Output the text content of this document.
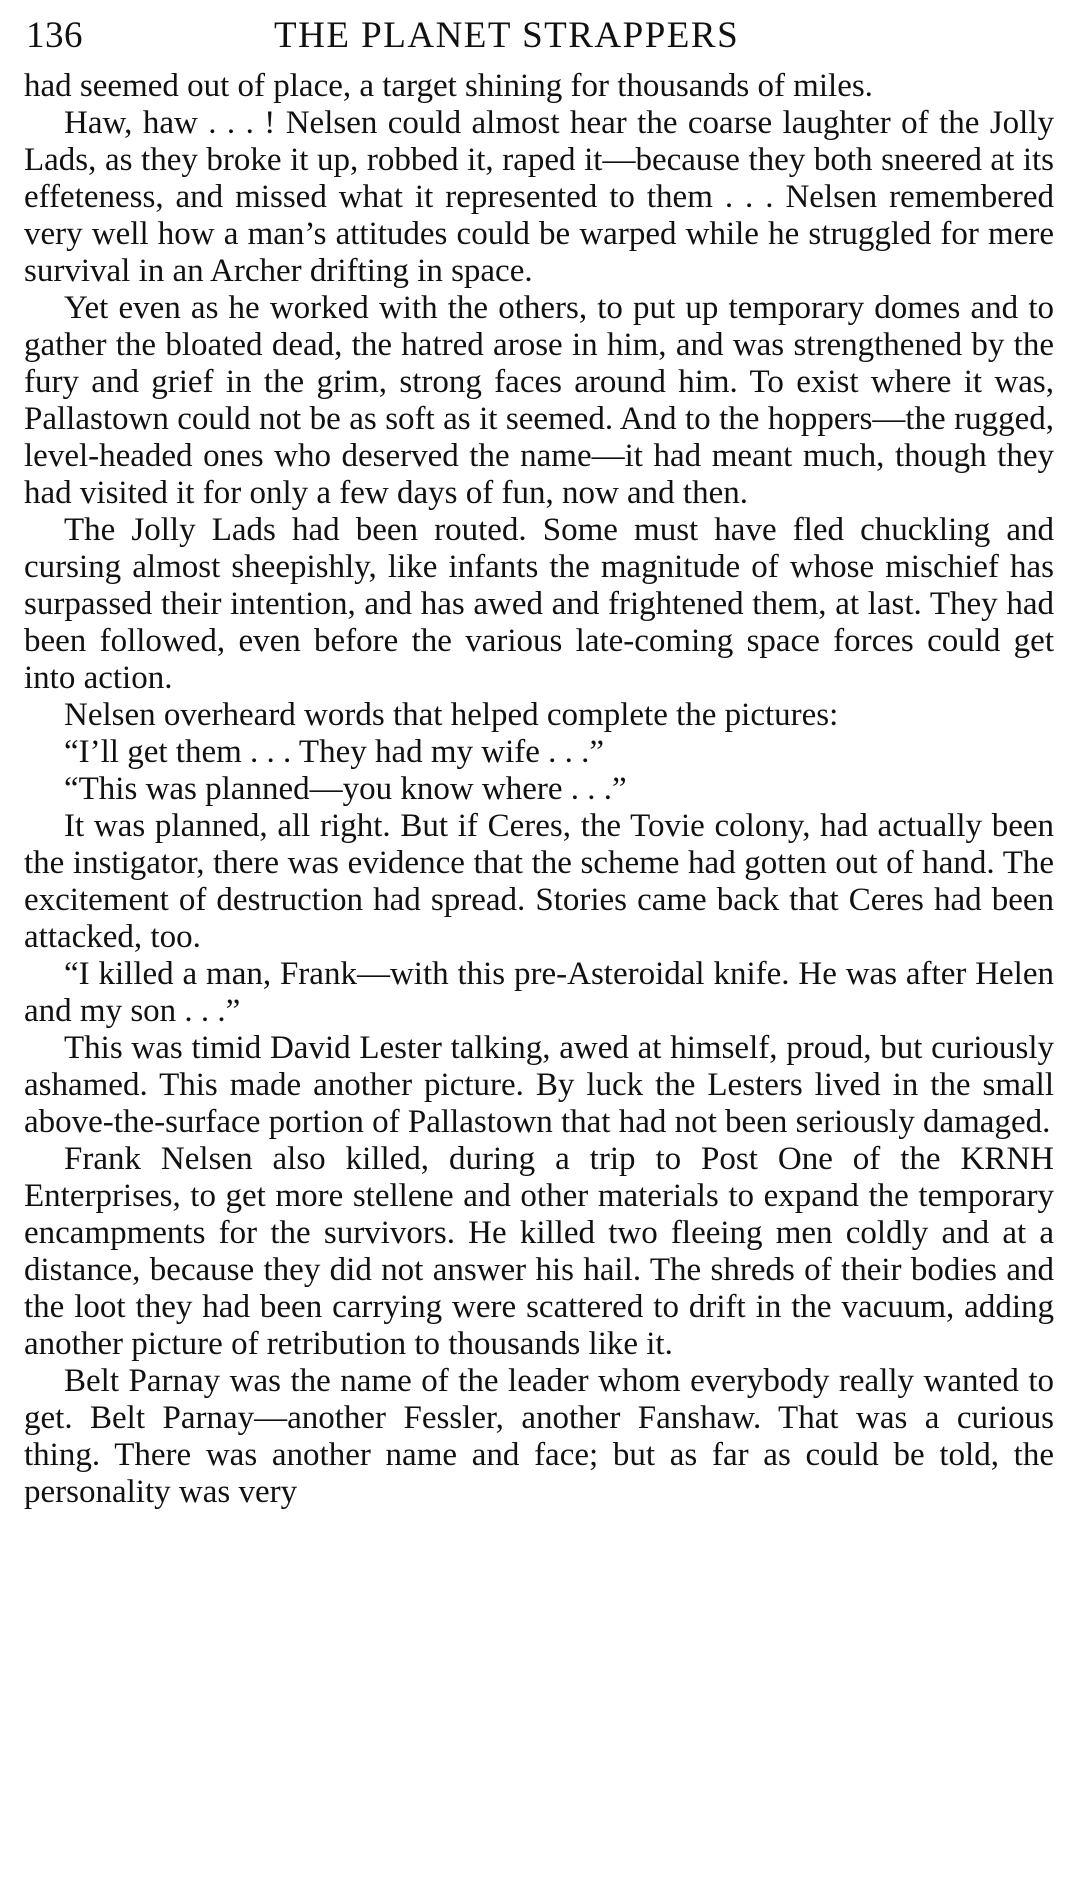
136	THE PLANET STRAPPERS

had seemed out of place, a target shining for thousands of miles.

Haw, haw . . . ! Nelsen could almost hear the coarse laughter of the Jolly Lads, as they broke it up, robbed it, raped it—because they both sneered at its effeteness, and missed what it represented to them . . . Nelsen remembered very well how a man’s attitudes could be warped while he struggled for mere survival in an Archer drifting in space.

Yet even as he worked with the others, to put up temporary domes and to gather the bloated dead, the hatred arose in him, and was strengthened by the fury and grief in the grim, strong faces around him. To exist where it was, Pallastown could not be as soft as it seemed. And to the hoppers—the rugged, level-headed ones who deserved the name—it had meant much, though they had visited it for only a few days of fun, now and then.

The Jolly Lads had been routed. Some must have fled chuckling and cursing almost sheepishly, like infants the magnitude of whose mischief has surpassed their intention, and has awed and frightened them, at last. They had been followed, even before the various late-coming space forces could get into action.

Nelsen overheard words that helped complete the pictures:

“I’ll get them . . . They had my wife . . .”

“This was planned—you know where . . .”

It was planned, all right. But if Ceres, the Tovie colony, had actually been the instigator, there was evidence that the scheme had gotten out of hand. The excitement of destruction had spread. Stories came back that Ceres had been attacked, too.

“I killed a man, Frank—with this pre-Asteroidal knife. He was after Helen and my son . . .”

This was timid David Lester talking, awed at himself, proud, but curiously ashamed. This made another picture. By luck the Lesters lived in the small above-the-surface portion of Pallastown that had not been seriously damaged.

Frank Nelsen also killed, during a trip to Post One of the KRNH Enterprises, to get more stellene and other materials to expand the temporary encampments for the survivors. He killed two fleeing men coldly and at a distance, because they did not answer his hail. The shreds of their bodies and the loot they had been carrying were scattered to drift in the vacuum, adding another picture of retribution to thousands like it.

Belt Parnay was the name of the leader whom everybody really wanted to get. Belt Parnay—another Fessler, another Fanshaw. That was a curious thing. There was another name and face; but as far as could be told, the personality was very
